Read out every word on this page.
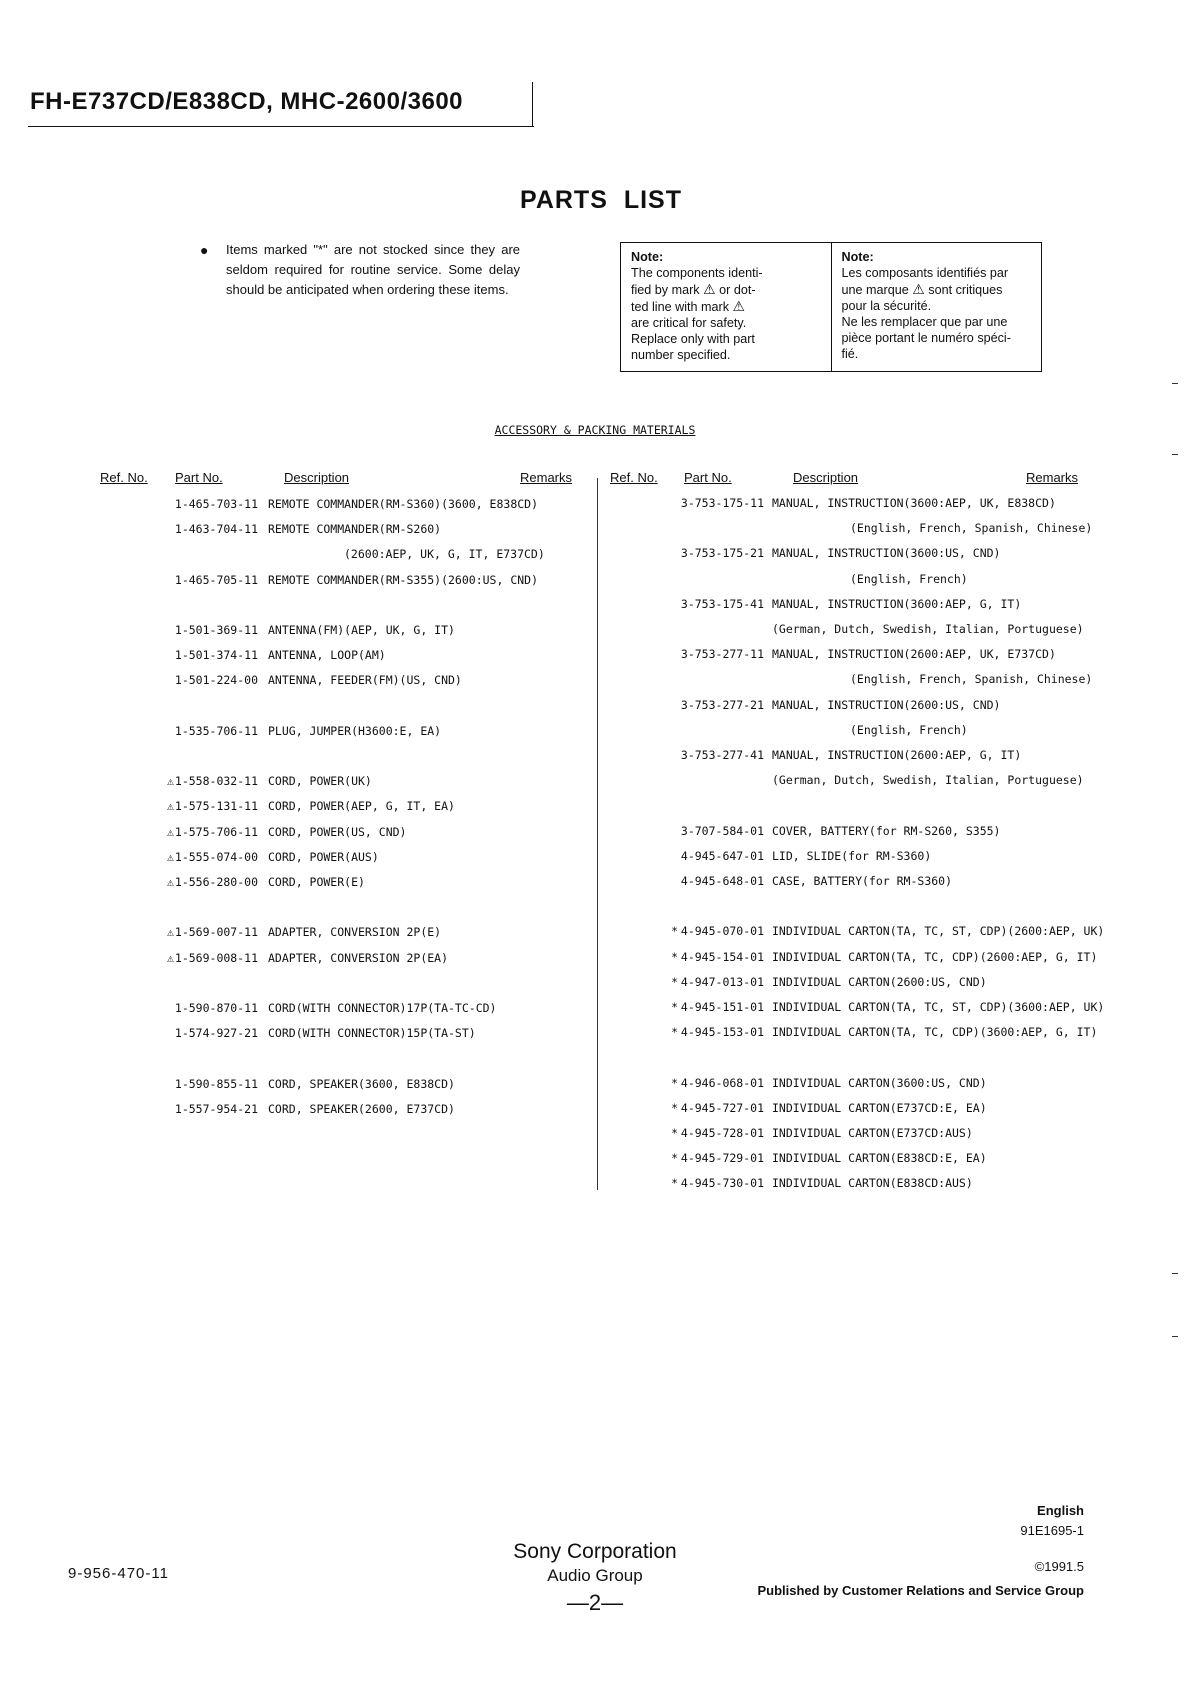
FH-E737CD/E838CD, MHC-2600/3600
PARTS LIST
● Items marked "*" are not stocked since they are seldom required for routine service. Some delay should be anticipated when ordering these items.

Note:
The components identi-
fied by mark ⚠ or dot-
ted line with mark ⚠
are critical for safety.
Replace only with part
number specified.
Note:
Les composants identifiés par
une marque ⚠ sont critiques
pour la sécurité.
Ne les remplacer que par une
pièce portant le numéro spéci-
fié.
ACCESSORY & PACKING MATERIALS
Ref. No. Part No.	Description	Remarks	Ref. No. Part No.	Description	Remarks
1-465-703-11 REMOTE COMMANDER(RM-S360)(3600, E838CD)
1-463-704-11 REMOTE COMMANDER(RM-S260)
(2600:AEP, UK, G, IT, E737CD)
1-465-705-11 REMOTE COMMANDER(RM-S355)(2600:US, CND)
1-501-369-11 ANTENNA(FM)(AEP, UK, G, IT)
1-501-374-11 ANTENNA, LOOP(AM)
1-501-224-00 ANTENNA, FEEDER(FM)(US, CND)
1-535-706-11 PLUG, JUMPER(H3600:E, EA)
⚠ 1-558-032-11 CORD, POWER(UK)
⚠ 1-575-131-11 CORD, POWER(AEP, G, IT, EA)
⚠ 1-575-706-11 CORD, POWER(US, CND)
⚠ 1-555-074-00 CORD, POWER(AUS)
⚠ 1-556-280-00 CORD, POWER(E)
⚠ 1-569-007-11 ADAPTER, CONVERSION 2P(E)
⚠ 1-569-008-11 ADAPTER, CONVERSION 2P(EA)
1-590-870-11 CORD(WITH CONNECTOR)17P(TA-TC-CD)
1-574-927-21 CORD(WITH CONNECTOR)15P(TA-ST)
1-590-855-11 CORD, SPEAKER(3600, E838CD)
1-557-954-21 CORD, SPEAKER(2600, E737CD)
3-753-175-11 MANUAL, INSTRUCTION(3600:AEP, UK, E838CD)
(English, French, Spanish, Chinese)
3-753-175-21 MANUAL, INSTRUCTION(3600:US, CND)
(English, French)
3-753-175-41 MANUAL, INSTRUCTION(3600:AEP, G, IT)
(German, Dutch, Swedish, Italian, Portuguese)
3-753-277-11 MANUAL, INSTRUCTION(2600:AEP, UK, E737CD)
(English, French, Spanish, Chinese)
3-753-277-21 MANUAL, INSTRUCTION(2600:US, CND)
(English, French)
3-753-277-41 MANUAL, INSTRUCTION(2600:AEP, G, IT)
(German, Dutch, Swedish, Italian, Portuguese)
3-707-584-01 COVER, BATTERY(for RM-S260, S355)
4-945-647-01 LID, SLIDE(for RM-S360)
4-945-648-01 CASE, BATTERY(for RM-S360)
* 4-945-070-01 INDIVIDUAL CARTON(TA, TC, ST, CDP)(2600:AEP, UK)
* 4-945-154-01 INDIVIDUAL CARTON(TA, TC, CDP)(2600:AEP, G, IT)
* 4-947-013-01 INDIVIDUAL CARTON(2600:US, CND)
* 4-945-151-01 INDIVIDUAL CARTON(TA, TC, ST, CDP)(3600:AEP, UK)
* 4-945-153-01 INDIVIDUAL CARTON(TA, TC, CDP)(3600:AEP, G, IT)
* 4-946-068-01 INDIVIDUAL CARTON(3600:US, CND)
* 4-945-727-01 INDIVIDUAL CARTON(E737CD:E, EA)
* 4-945-728-01 INDIVIDUAL CARTON(E737CD:AUS)
* 4-945-729-01 INDIVIDUAL CARTON(E838CD:E, EA)
* 4-945-730-01 INDIVIDUAL CARTON(E838CD:AUS)
9-956-470-11
Sony Corporation
Audio Group
—2—
English
91E1695-1
©1991.5
Published by Customer Relations and Service Group
